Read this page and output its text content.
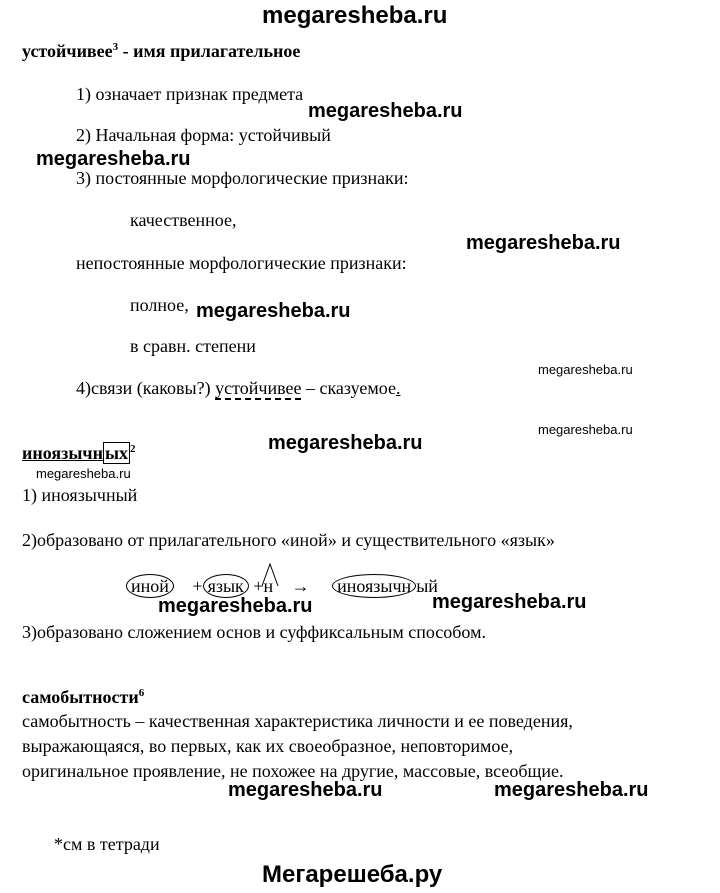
megaresheba.ru
устойчивее$^3$ - имя прилагательное
1) означает признак предмета
megaresheba.ru
2) Начальная форма: устойчивый
megaresheba.ru
3) постоянные морфологические признаки:
качественное,
megaresheba.ru
непостоянные морфологические признаки:
полное, megaresheba.ru
в сравн. степени
megaresheba.ru
4)связи (каковы?) устойчивее – сказуемое.
megaresheba.ru
иноязычн ых $^2$
megaresheba.ru
megaresheba.ru
1) иноязычный
2)образовано от прилагательного «иной» и существительного «язык»
иной + язык +н → иноязычн ый
megaresheba.ru	megaresheba.ru
3)образовано сложением основ и суффиксальным способом.
самобытности$^6$
самобытность – качественная характеристика личности и ее поведения,
выражающаяся, во первых, как их своеобразное, неповторимое,
оригинальное проявление, не похожее на другие, массовые, всеобщие.
megaresheba.ru	megaresheba.ru
*см в тетради
Мегарешеба.ру
